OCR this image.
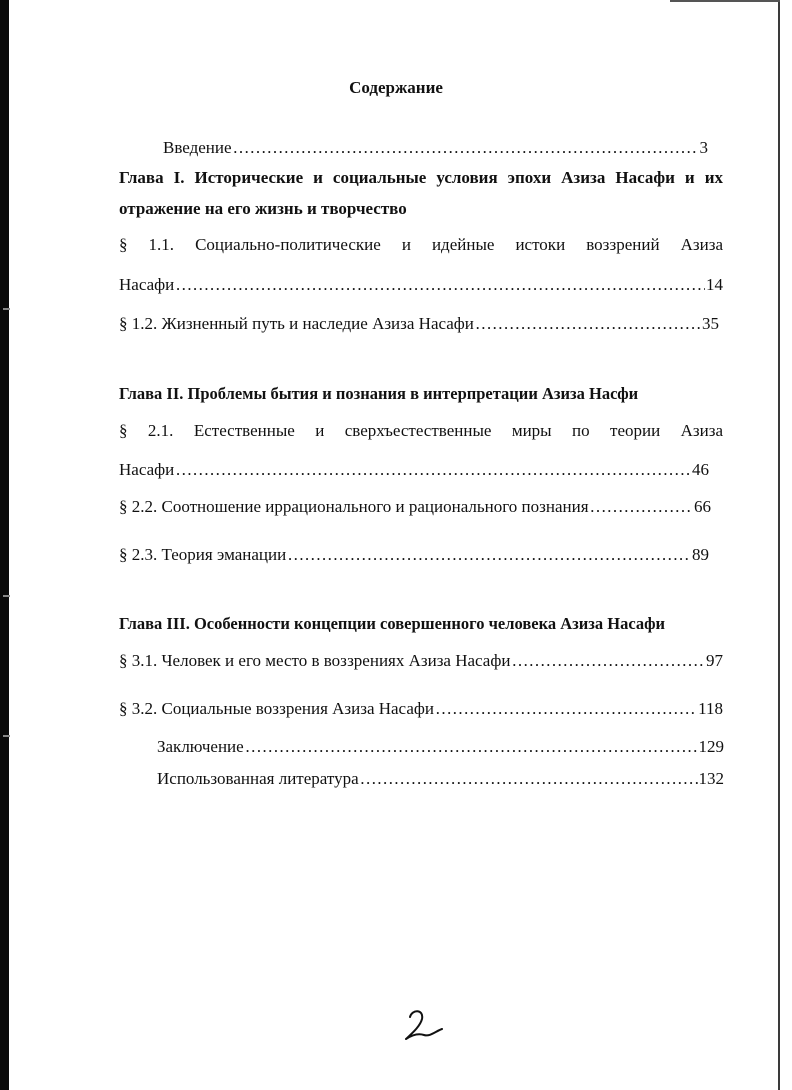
Содержание
Введение ……………………………………………………………………………………………………………………………………………………………………………	3
Глава I. Исторические и социальные условия эпохи Азиза Насафи и их
отражение на его жизнь и творчество
§ 1.1. Социально-политические и идейные истоки воззрений Азиза
Насафи ……………………………………………………………………………………………………………………………………………………………………………	14
§ 1.2. Жизненный путь и наследие Азиза Насафи ……………………………………………………………………………………………………………………………………………………………………………	35
Глава II. Проблемы бытия и познания в интерпретации Азиза Насфи
§ 2.1. Естественные и сверхъестественные миры по теории Азиза
Насафи ……………………………………………………………………………………………………………………………………………………………………………	46
§ 2.2. Соотношение иррационального и рационального познания ……………………………………………………………………………………………………………………………………………………………………………	66
§ 2.3. Теория эманации ……………………………………………………………………………………………………………………………………………………………………………	89
Глава III. Особенности концепции совершенного человека Азиза Насафи
§ 3.1. Человек и его место в воззрениях Азиза Насафи ……………………………………………………………………………………………………………………………………………………………………………	97
§ 3.2. Социальные воззрения Азиза Насафи ……………………………………………………………………………………………………………………………………………………………………………	118
Заключение ……………………………………………………………………………………………………………………………………………………………………………	129
Использованная литература ……………………………………………………………………………………………………………………………………………………………………………	132
